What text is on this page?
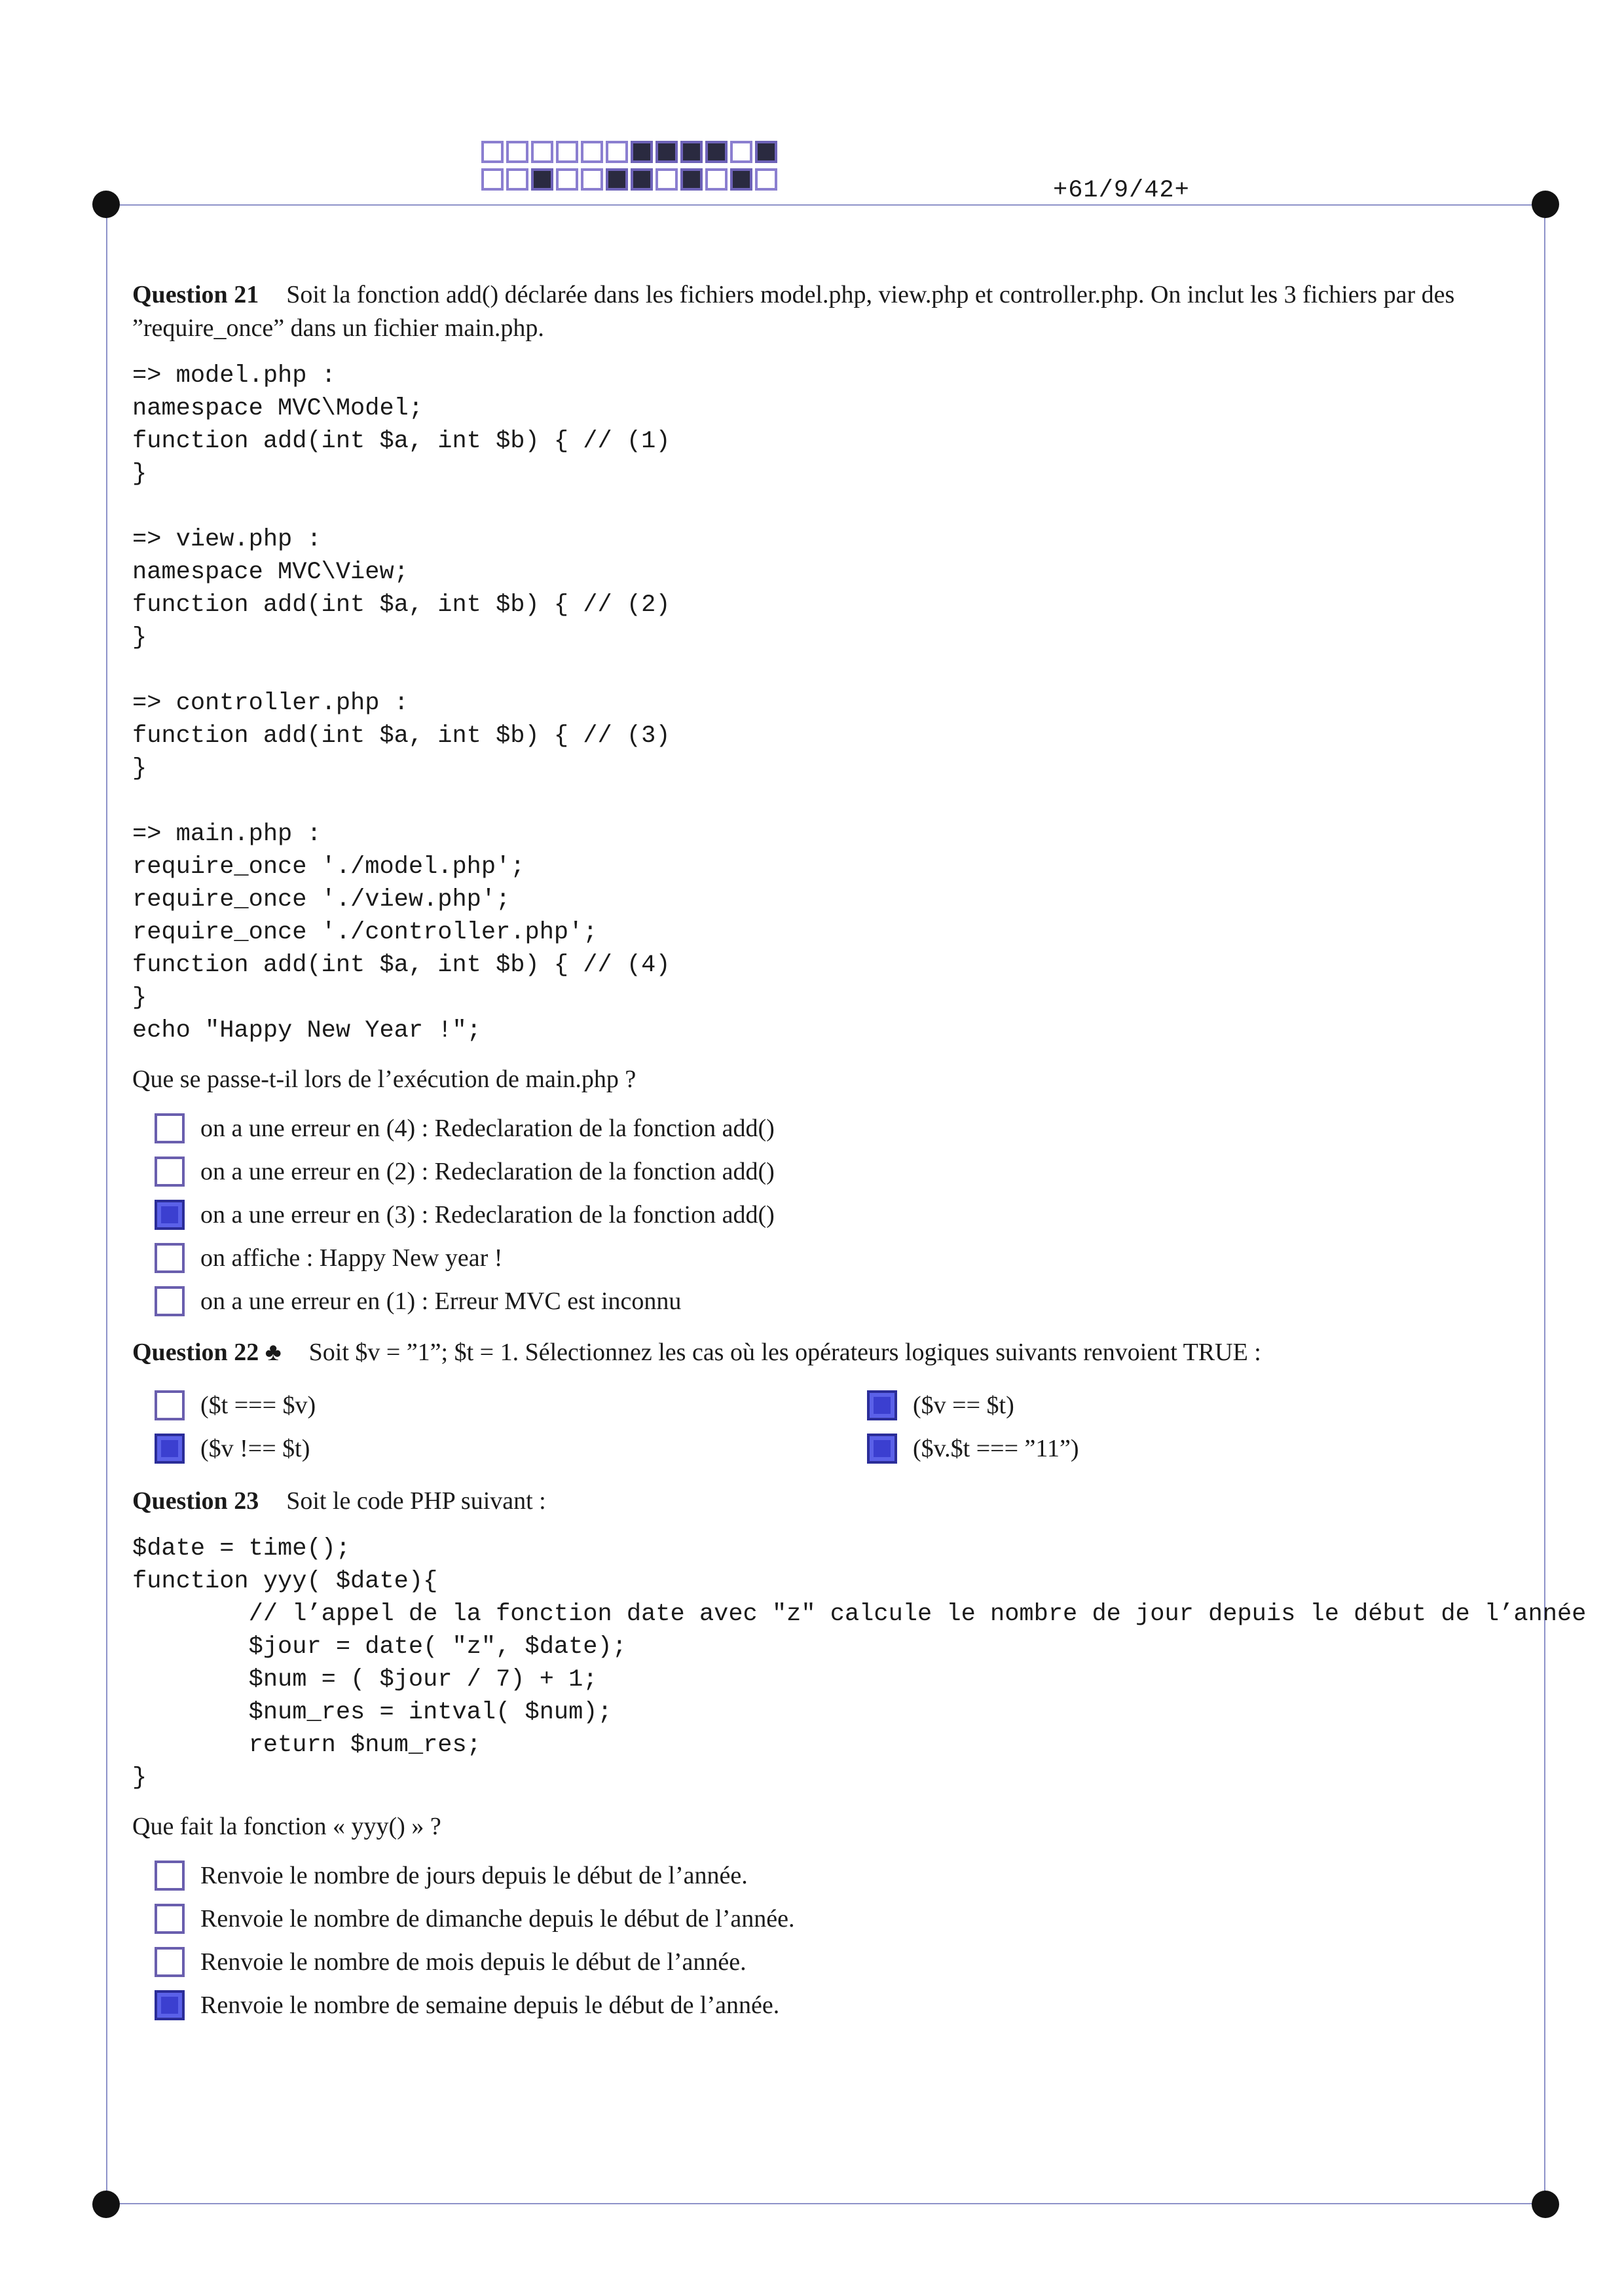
+61/9/42+

Question 21 Soit la fonction add() déclarée dans les fichiers model.php, view.php et controller.php. On inclut les 3 fichiers par des ”require_once” dans un fichier main.php.

=> model.php :
namespace MVC\Model;
function add(int $a, int $b) { // (1)
}

=> view.php :
namespace MVC\View;
function add(int $a, int $b) { // (2)
}

=> controller.php :
function add(int $a, int $b) { // (3)
}

=> main.php :
require_once './model.php';
require_once './view.php';
require_once './controller.php';
function add(int $a, int $b) { // (4)
}
echo "Happy New Year !";

Que se passe-t-il lors de l’exécution de main.php ?

on a une erreur en (4) : Redeclaration de la fonction add()
on a une erreur en (2) : Redeclaration de la fonction add()
on a une erreur en (3) : Redeclaration de la fonction add()
on affiche : Happy New year !
on a une erreur en (1) : Erreur MVC est inconnu

Question 22 ♣ Soit $v = ”1”; $t = 1. Sélectionnez les cas où les opérateurs logiques suivants renvoient TRUE :

($t === $v)	($v == $t)
($v !== $t)	($v.$t === ”11”)

Question 23 Soit le code PHP suivant :

$date = time();
function yyy( $date){
// l’appel de la fonction date avec "z" calcule le nombre de jour depuis le début de l’année
$jour = date( "z", $date);
$num = ( $jour / 7) + 1;
$num_res = intval( $num);
return $num_res;
}

Que fait la fonction « yyy() » ?

Renvoie le nombre de jours depuis le début de l’année.
Renvoie le nombre de dimanche depuis le début de l’année.
Renvoie le nombre de mois depuis le début de l’année.
Renvoie le nombre de semaine depuis le début de l’année.
